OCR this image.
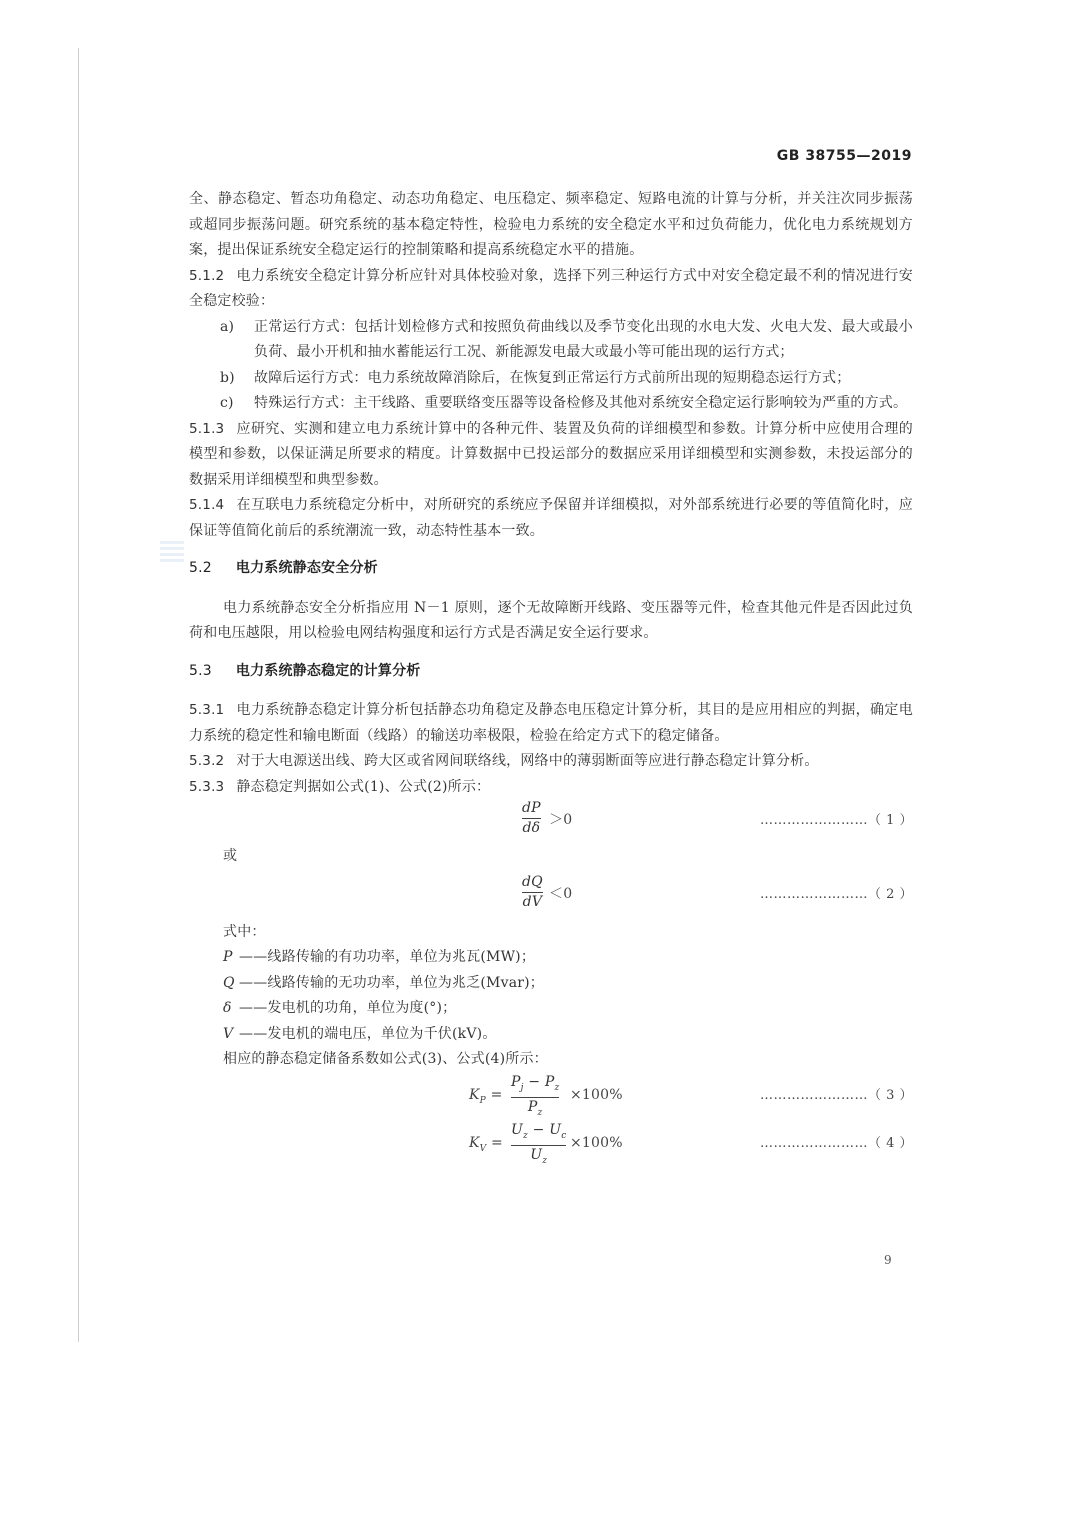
GB 38755—2019

全、静态稳定、暂态功角稳定、动态功角稳定、电压稳定、频率稳定、短路电流的计算与分析，并关注次同步振荡或超同步振荡问题。研究系统的基本稳定特性，检验电力系统的安全稳定水平和过负荷能力，优化电力系统规划方案，提出保证系统安全稳定运行的控制策略和提高系统稳定水平的措施。

5.1.2 电力系统安全稳定计算分析应针对具体校验对象，选择下列三种运行方式中对安全稳定最不利的情况进行安全稳定校验：

a)	正常运行方式：包括计划检修方式和按照负荷曲线以及季节变化出现的水电大发、火电大发、最大或最小负荷、最小开机和抽水蓄能运行工况、新能源发电最大或最小等可能出现的运行方式；
b)	故障后运行方式：电力系统故障消除后，在恢复到正常运行方式前所出现的短期稳态运行方式；
c)	特殊运行方式：主干线路、重要联络变压器等设备检修及其他对系统安全稳定运行影响较为严重的方式。

5.1.3 应研究、实测和建立电力系统计算中的各种元件、装置及负荷的详细模型和参数。计算分析中应使用合理的模型和参数，以保证满足所要求的精度。计算数据中已投运部分的数据应采用详细模型和实测参数，未投运部分的数据采用详细模型和典型参数。

5.1.4 在互联电力系统稳定分析中，对所研究的系统应予保留并详细模拟，对外部系统进行必要的等值简化时，应保证等值简化前后的系统潮流一致，动态特性基本一致。

5.2 电力系统静态安全分析

电力系统静态安全分析指应用 N－1 原则，逐个无故障断开线路、变压器等元件，检查其他元件是否因此过负荷和电压越限，用以检验电网结构强度和运行方式是否满足安全运行要求。

5.3 电力系统静态稳定的计算分析

5.3.1 电力系统静态稳定计算分析包括静态功角稳定及静态电压稳定计算分析，其目的是应用相应的判据，确定电力系统的稳定性和输电断面（线路）的输送功率极限，检验在给定方式下的稳定储备。

5.3.2 对于大电源送出线、跨大区或省网间联络线，网络中的薄弱断面等应进行静态稳定计算分析。

5.3.3 静态稳定判据如公式(1)、公式(2)所示：

dP
dδ ＞0	……………………（ 1 ）

或

dQ
dV ＜0	……………………（ 2 ）

式中：

P ——线路传输的有功功率，单位为兆瓦(MW)；

Q ——线路传输的无功功率，单位为兆乏(Mvar)；

δ ——发电机的功角，单位为度(°)；

V ——发电机的端电压，单位为千伏(kV)。

相应的静态稳定储备系数如公式(3)、公式(4)所示：

$K_P$ =
$P_j - P_z$
$P_z$
×100%	……………………（ 3 ）
$K_V$ =
$U_z - U_c$
$U_z$
×100%	……………………（ 4 ）
9
